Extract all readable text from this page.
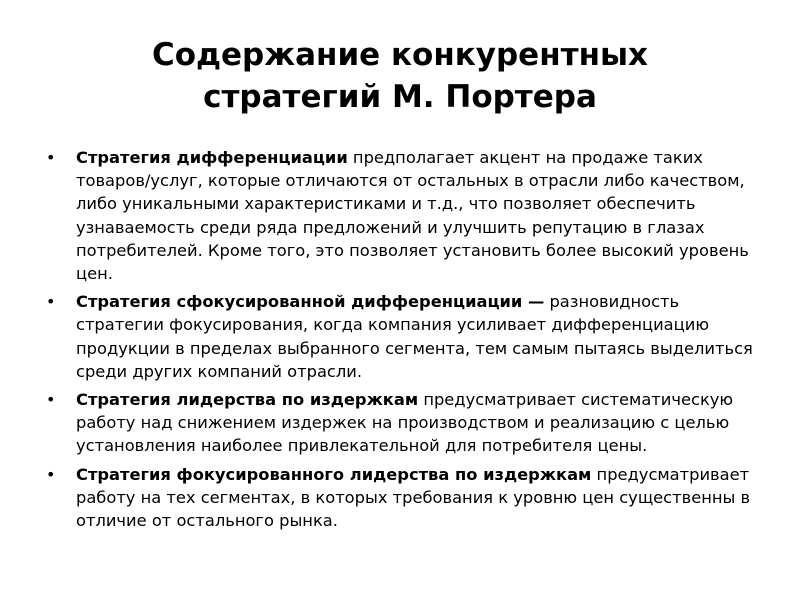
Содержание конкурентных
стратегий М. Портера
• Стратегия дифференциации предполагает акцент на продаже таких товаров/услуг, которые отличаются от остальных в отрасли либо качеством, либо уникальными характеристиками и т.д., что позволяет обеспечить узнаваемость среди ряда предложений и улучшить репутацию в глазах потребителей. Кроме того, это позволяет установить более высокий уровень цен.
• Стратегия сфокусированной дифференциации — разновидность стратегии фокусирования, когда компания усиливает дифференциацию продукции в пределах выбранного сегмента, тем самым пытаясь выделиться среди других компаний отрасли.
• Стратегия лидерства по издержкам предусматривает систематическую работу над снижением издержек на производством и реализацию с целью установления наиболее привлекательной для потребителя цены.
• Стратегия фокусированного лидерства по издержкам предусматривает работу на тех сегментах, в которых требования к уровню цен существенны в отличие от остального рынка.
